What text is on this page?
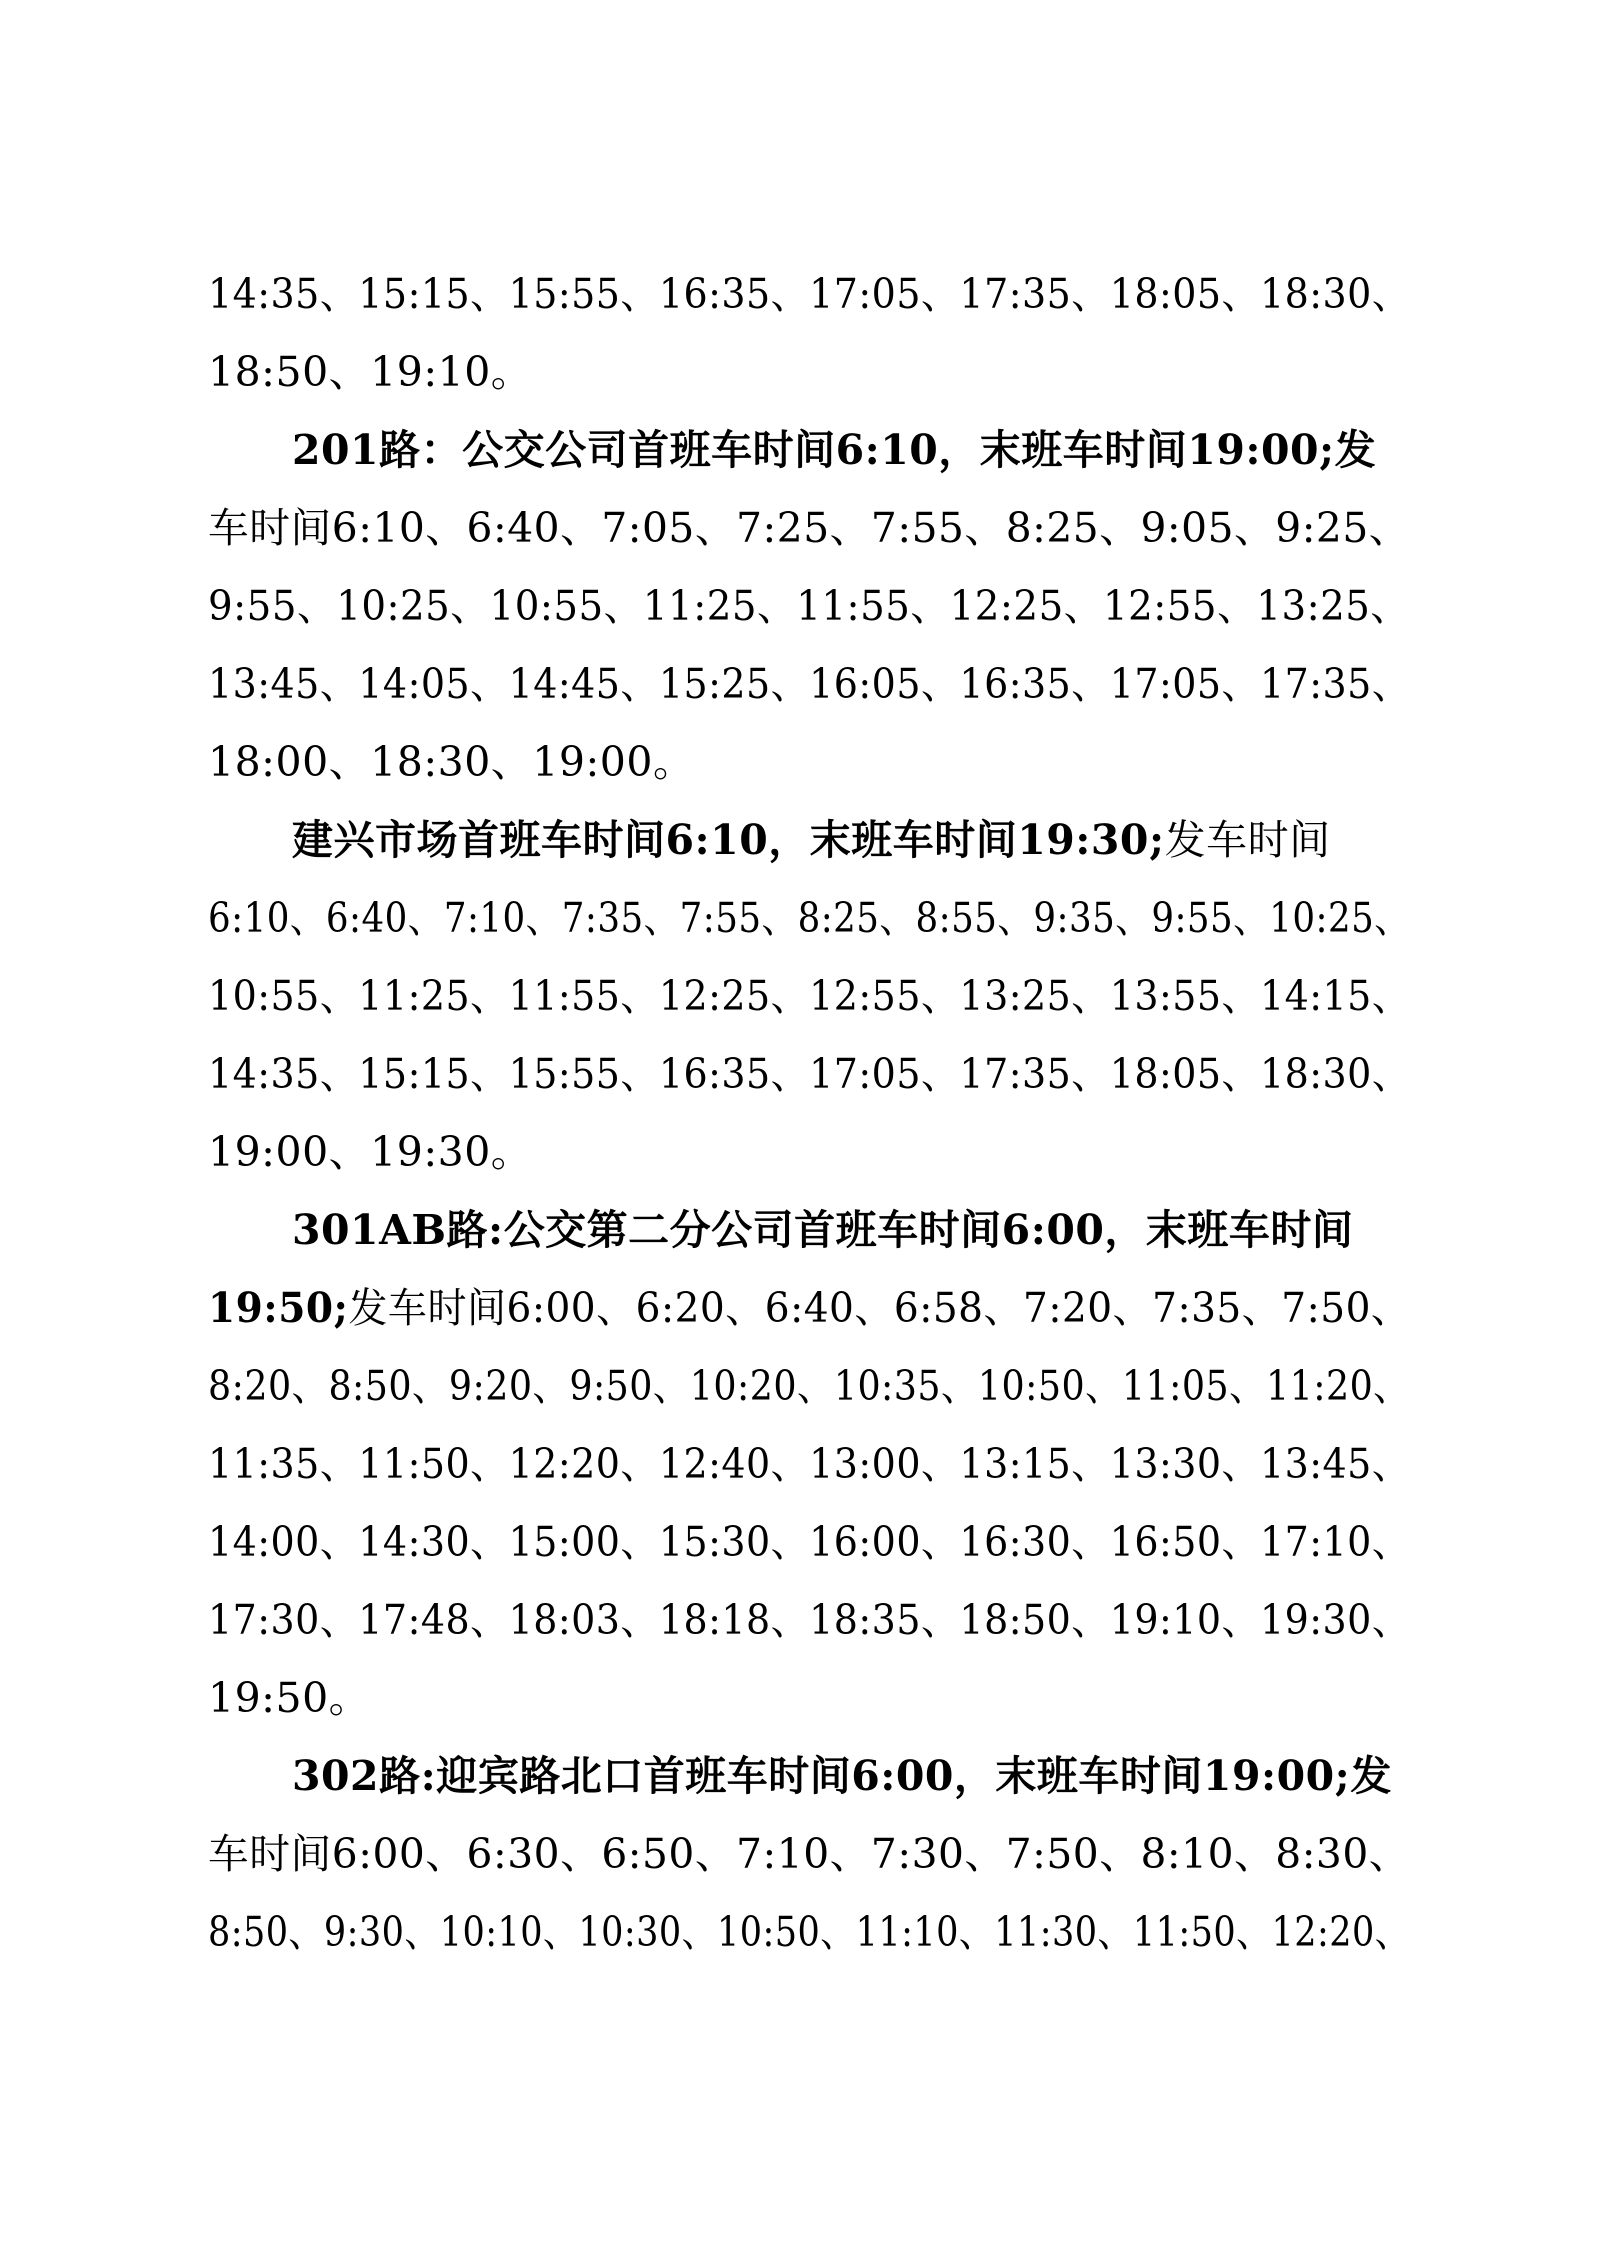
14:35、15:15、15:55、16:35、17:05、17:35、18:05、18:30、

18:50、19:10。

201路：公交公司首班车时间6:10，末班车时间19:00;发

车时间6:10、6:40、7:05、7:25、7:55、8:25、9:05、9:25、

9:55、10:25、10:55、11:25、11:55、12:25、12:55、13:25、

13:45、14:05、14:45、15:25、16:05、16:35、17:05、17:35、

18:00、18:30、19:00。

建兴市场首班车时间6:10，末班车时间19:30;发车时间

6:10、6:40、7:10、7:35、7:55、8:25、8:55、9:35、9:55、10:25、

10:55、11:25、11:55、12:25、12:55、13:25、13:55、14:15、

14:35、15:15、15:55、16:35、17:05、17:35、18:05、18:30、

19:00、19:30。

301AB路:公交第二分公司首班车时间6:00，末班车时间

19:50;发车时间6:00、6:20、6:40、6:58、7:20、7:35、7:50、

8:20、8:50、9:20、9:50、10:20、10:35、10:50、11:05、11:20、

11:35、11:50、12:20、12:40、13:00、13:15、13:30、13:45、

14:00、14:30、15:00、15:30、16:00、16:30、16:50、17:10、

17:30、17:48、18:03、18:18、18:35、18:50、19:10、19:30、

19:50。

302路:迎宾路北口首班车时间6:00，末班车时间19:00;发

车时间6:00、6:30、6:50、7:10、7:30、7:50、8:10、8:30、

8:50、9:30、10:10、10:30、10:50、11:10、11:30、11:50、12:20、
